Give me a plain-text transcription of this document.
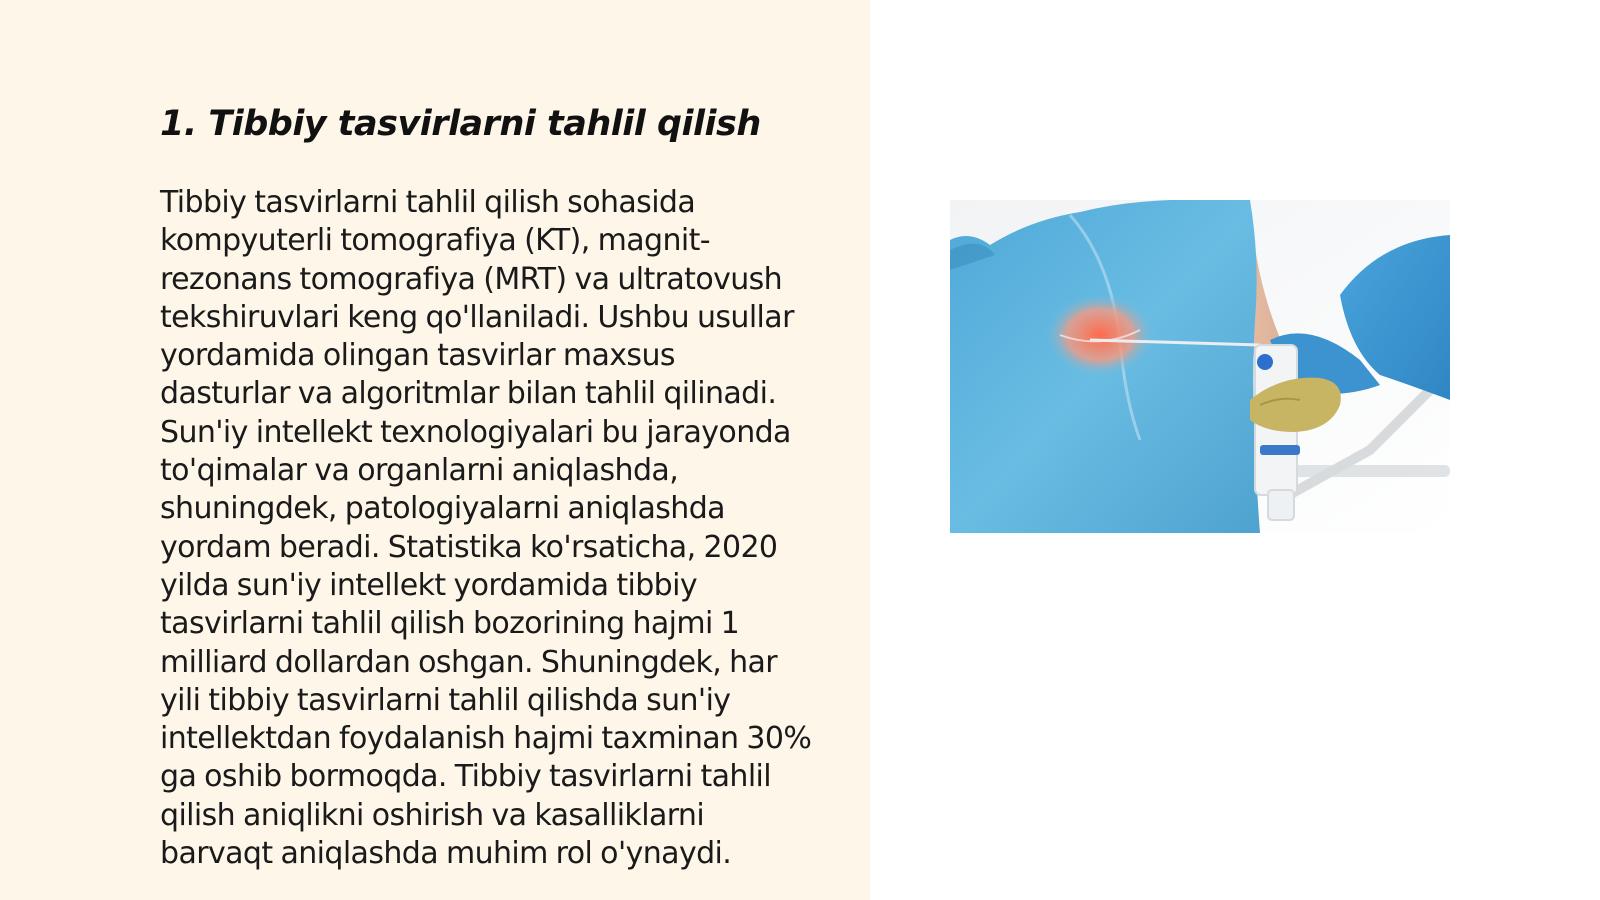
1. Tibbiy tasvirlarni tahlil qilish

Tibbiy tasvirlarni tahlil qilish sohasida
kompyuterli tomografiya (KT), magnit-
rezonans tomografiya (MRT) va ultratovush
tekshiruvlari keng qo'llaniladi. Ushbu usullar
yordamida olingan tasvirlar maxsus
dasturlar va algoritmlar bilan tahlil qilinadi.
Sun'iy intellekt texnologiyalari bu jarayonda
to'qimalar va organlarni aniqlashda,
shuningdek, patologiyalarni aniqlashda
yordam beradi. Statistika ko'rsaticha, 2020
yilda sun'iy intellekt yordamida tibbiy
tasvirlarni tahlil qilish bozorining hajmi 1
milliard dollardan oshgan. Shuningdek, har
yili tibbiy tasvirlarni tahlil qilishda sun'iy
intellektdan foydalanish hajmi taxminan 30%
ga oshib bormoqda. Tibbiy tasvirlarni tahlil
qilish aniqlikni oshirish va kasalliklarni
barvaqt aniqlashda muhim rol o'ynaydi.
